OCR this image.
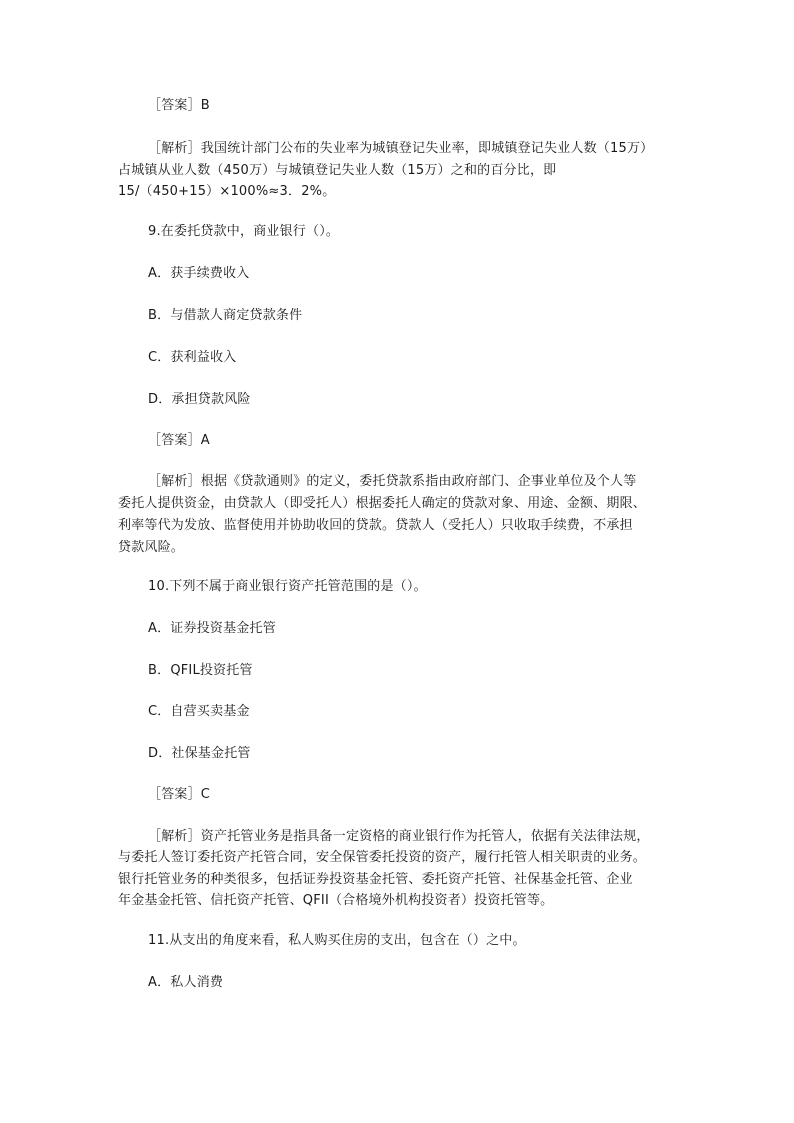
［答案］B
［解析］我国统计部门公布的失业率为城镇登记失业率，即城镇登记失业人数（15万）
占城镇从业人数（450万）与城镇登记失业人数（15万）之和的百分比，即
15/（450+15）×100%≈3．2%。
9.在委托贷款中，商业银行（）。
A．获手续费收入
B．与借款人商定贷款条件
C．获利益收入
D．承担贷款风险
［答案］A
［解析］根据《贷款通则》的定义，委托贷款系指由政府部门、企事业单位及个人等
委托人提供资金，由贷款人（即受托人）根据委托人确定的贷款对象、用途、金额、期限、
利率等代为发放、监督使用并协助收回的贷款。贷款人（受托人）只收取手续费，不承担
贷款风险。
10.下列不属于商业银行资产托管范围的是（）。
A．证券投资基金托管
B．QFIL投资托管
C．自营买卖基金
D．社保基金托管
［答案］C
［解析］资产托管业务是指具备一定资格的商业银行作为托管人，依据有关法律法规，
与委托人签订委托资产托管合同，安全保管委托投资的资产，履行托管人相关职责的业务。
银行托管业务的种类很多，包括证券投资基金托管、委托资产托管、社保基金托管、企业
年金基金托管、信托资产托管、QFII（合格境外机构投资者）投资托管等。
11.从支出的角度来看，私人购买住房的支出，包含在（）之中。
A．私人消费
